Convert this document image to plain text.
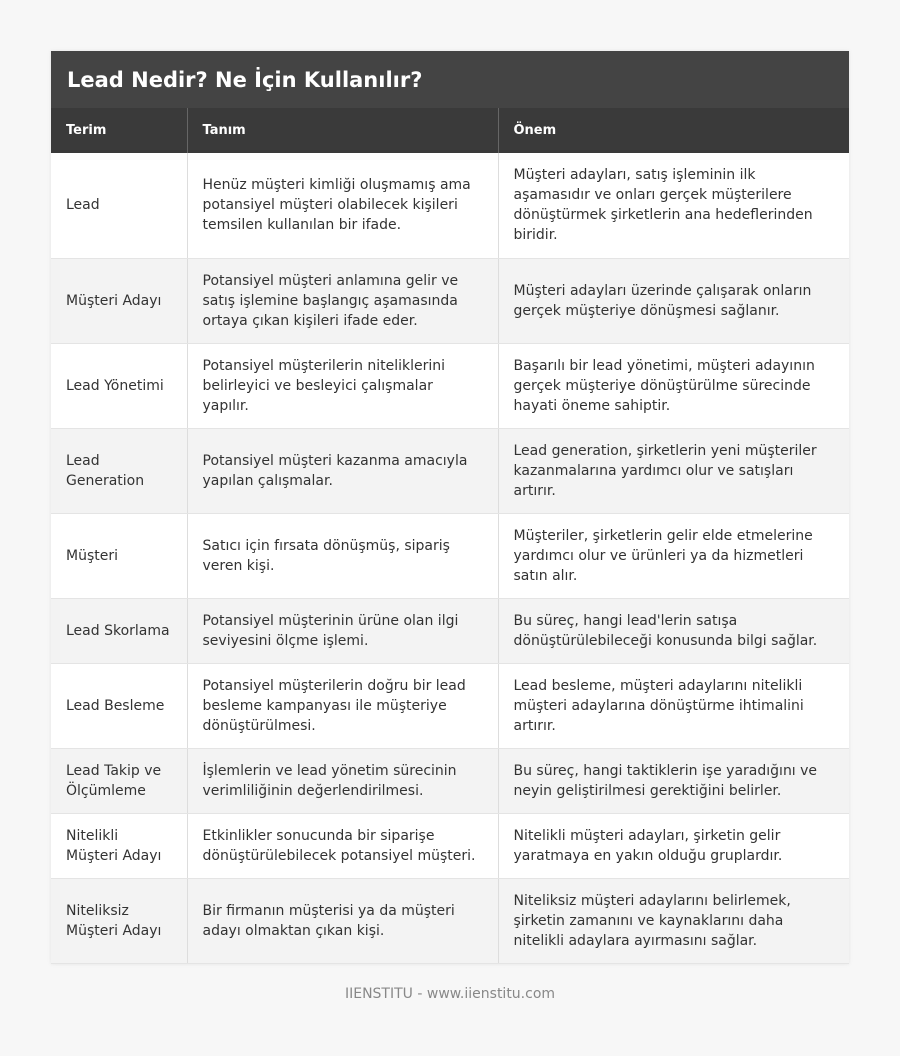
Lead Nedir? Ne İçin Kullanılır?
Terim	Tanım	Önem
Lead	Henüz müşteri kimliği oluşmamış ama potansiyel müşteri olabilecek kişileri temsilen kullanılan bir ifade.	Müşteri adayları, satış işleminin ilk aşamasıdır ve onları gerçek müşterilere dönüştürmek şirketlerin ana hedeflerinden biridir.
Müşteri Adayı	Potansiyel müşteri anlamına gelir ve satış işlemine başlangıç aşamasında ortaya çıkan kişileri ifade eder.	Müşteri adayları üzerinde çalışarak onların gerçek müşteriye dönüşmesi sağlanır.
Lead Yönetimi	Potansiyel müşterilerin niteliklerini belirleyici ve besleyici çalışmalar yapılır.	Başarılı bir lead yönetimi, müşteri adayının gerçek müşteriye dönüştürülme sürecinde hayati öneme sahiptir.
Lead Generation	Potansiyel müşteri kazanma amacıyla yapılan çalışmalar.	Lead generation, şirketlerin yeni müşteriler kazanmalarına yardımcı olur ve satışları artırır.
Müşteri	Satıcı için fırsata dönüşmüş, sipariş veren kişi.	Müşteriler, şirketlerin gelir elde etmelerine yardımcı olur ve ürünleri ya da hizmetleri satın alır.
Lead Skorlama	Potansiyel müşterinin ürüne olan ilgi seviyesini ölçme işlemi.	Bu süreç, hangi lead'lerin satışa dönüştürülebileceği konusunda bilgi sağlar.
Lead Besleme	Potansiyel müşterilerin doğru bir lead besleme kampanyası ile müşteriye dönüştürülmesi.	Lead besleme, müşteri adaylarını nitelikli müşteri adaylarına dönüştürme ihtimalini artırır.
Lead Takip ve Ölçümleme	İşlemlerin ve lead yönetim sürecinin verimliliğinin değerlendirilmesi.	Bu süreç, hangi taktiklerin işe yaradığını ve neyin geliştirilmesi gerektiğini belirler.
Nitelikli Müşteri Adayı	Etkinlikler sonucunda bir siparişe dönüştürülebilecek potansiyel müşteri.	Nitelikli müşteri adayları, şirketin gelir yaratmaya en yakın olduğu gruplardır.
Niteliksiz Müşteri Adayı	Bir firmanın müşterisi ya da müşteri adayı olmaktan çıkan kişi.	Niteliksiz müşteri adaylarını belirlemek, şirketin zamanını ve kaynaklarını daha nitelikli adaylara ayırmasını sağlar.
IIENSTITU - www.iienstitu.com
